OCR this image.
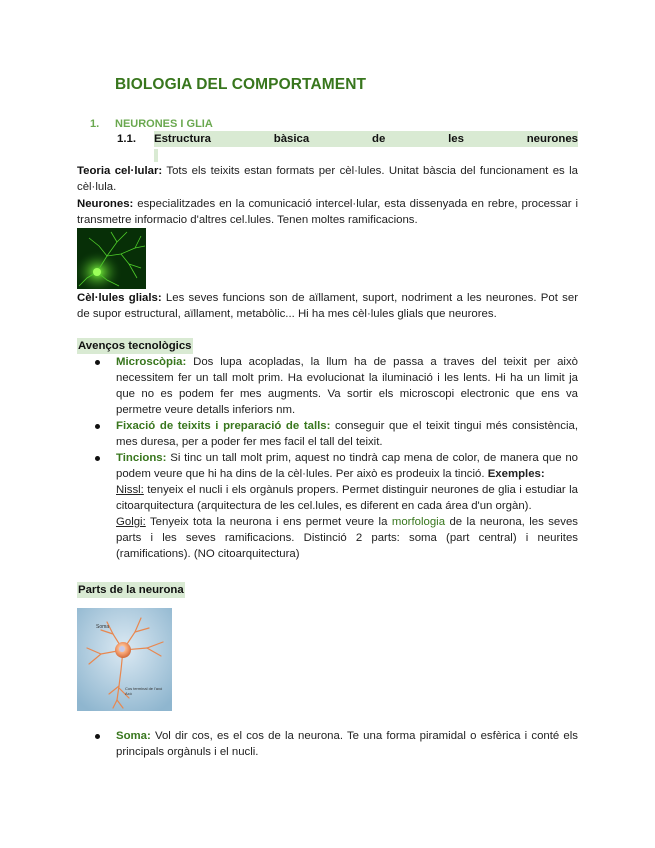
BIOLOGIA DEL COMPORTAMENT
1. NEURONES I GLIA
1.1. Estructura	bàsica	de	les	neurones
Teoria cel·lular: Tots els teixits estan formats per cèl·lules. Unitat bàscia del funcionament es la cèl·lula.
Neurones: especialitzades en la comunicació intercel·lular, esta dissenyada en rebre, processar i transmetre informacio d'altres cel.lules. Tenen moltes ramificacions.
Cèl·lules glials: Les seves funcions son de aïllament, suport, nodriment a les neurones. Pot ser de supor estructural, aïllament, metabòlic... Hi ha mes cèl·lules glials que neurores.
Avenços tecnològics
Microscòpia: Dos lupa acopladas, la llum ha de passa a traves del teixit per això necessitem fer un tall molt prim. Ha evolucionat la iluminació i les lents. Hi ha un limit ja que no es podem fer mes augments. Va sortir els microscopi electronic que ens va permetre veure detalls inferiors nm.
Fixació de teixits i preparació de talls: conseguir que el teixit tingui més consistència, mes duresa, per a poder fer mes facil el tall del teixit.
Tincions: Si tinc un tall molt prim, aquest no tindrà cap mena de color, de manera que no podem veure que hi ha dins de la cèl·lules. Per això es prodeuix la tinció. Exemples:
Nissl: tenyeix el nucli i els orgànuls propers. Permet distinguir neurones de glia i estudiar la citoarquitectura (arquitectura de les cel.lules, es diferent en cada área d'un orgàn).
Golgi: Tenyeix tota la neurona i ens permet veure la morfologia de la neurona, les seves parts i les seves ramificacions. Distinció 2 parts: soma (part central) i neurites (ramifications). (NO citoarquitectura)
Parts de la neurona
Soma
Cos terminal de l'axó
Axó
Soma: Vol dir cos, es el cos de la neurona. Te una forma piramidal o esfèrica i conté els principals orgànuls i el nucli.
